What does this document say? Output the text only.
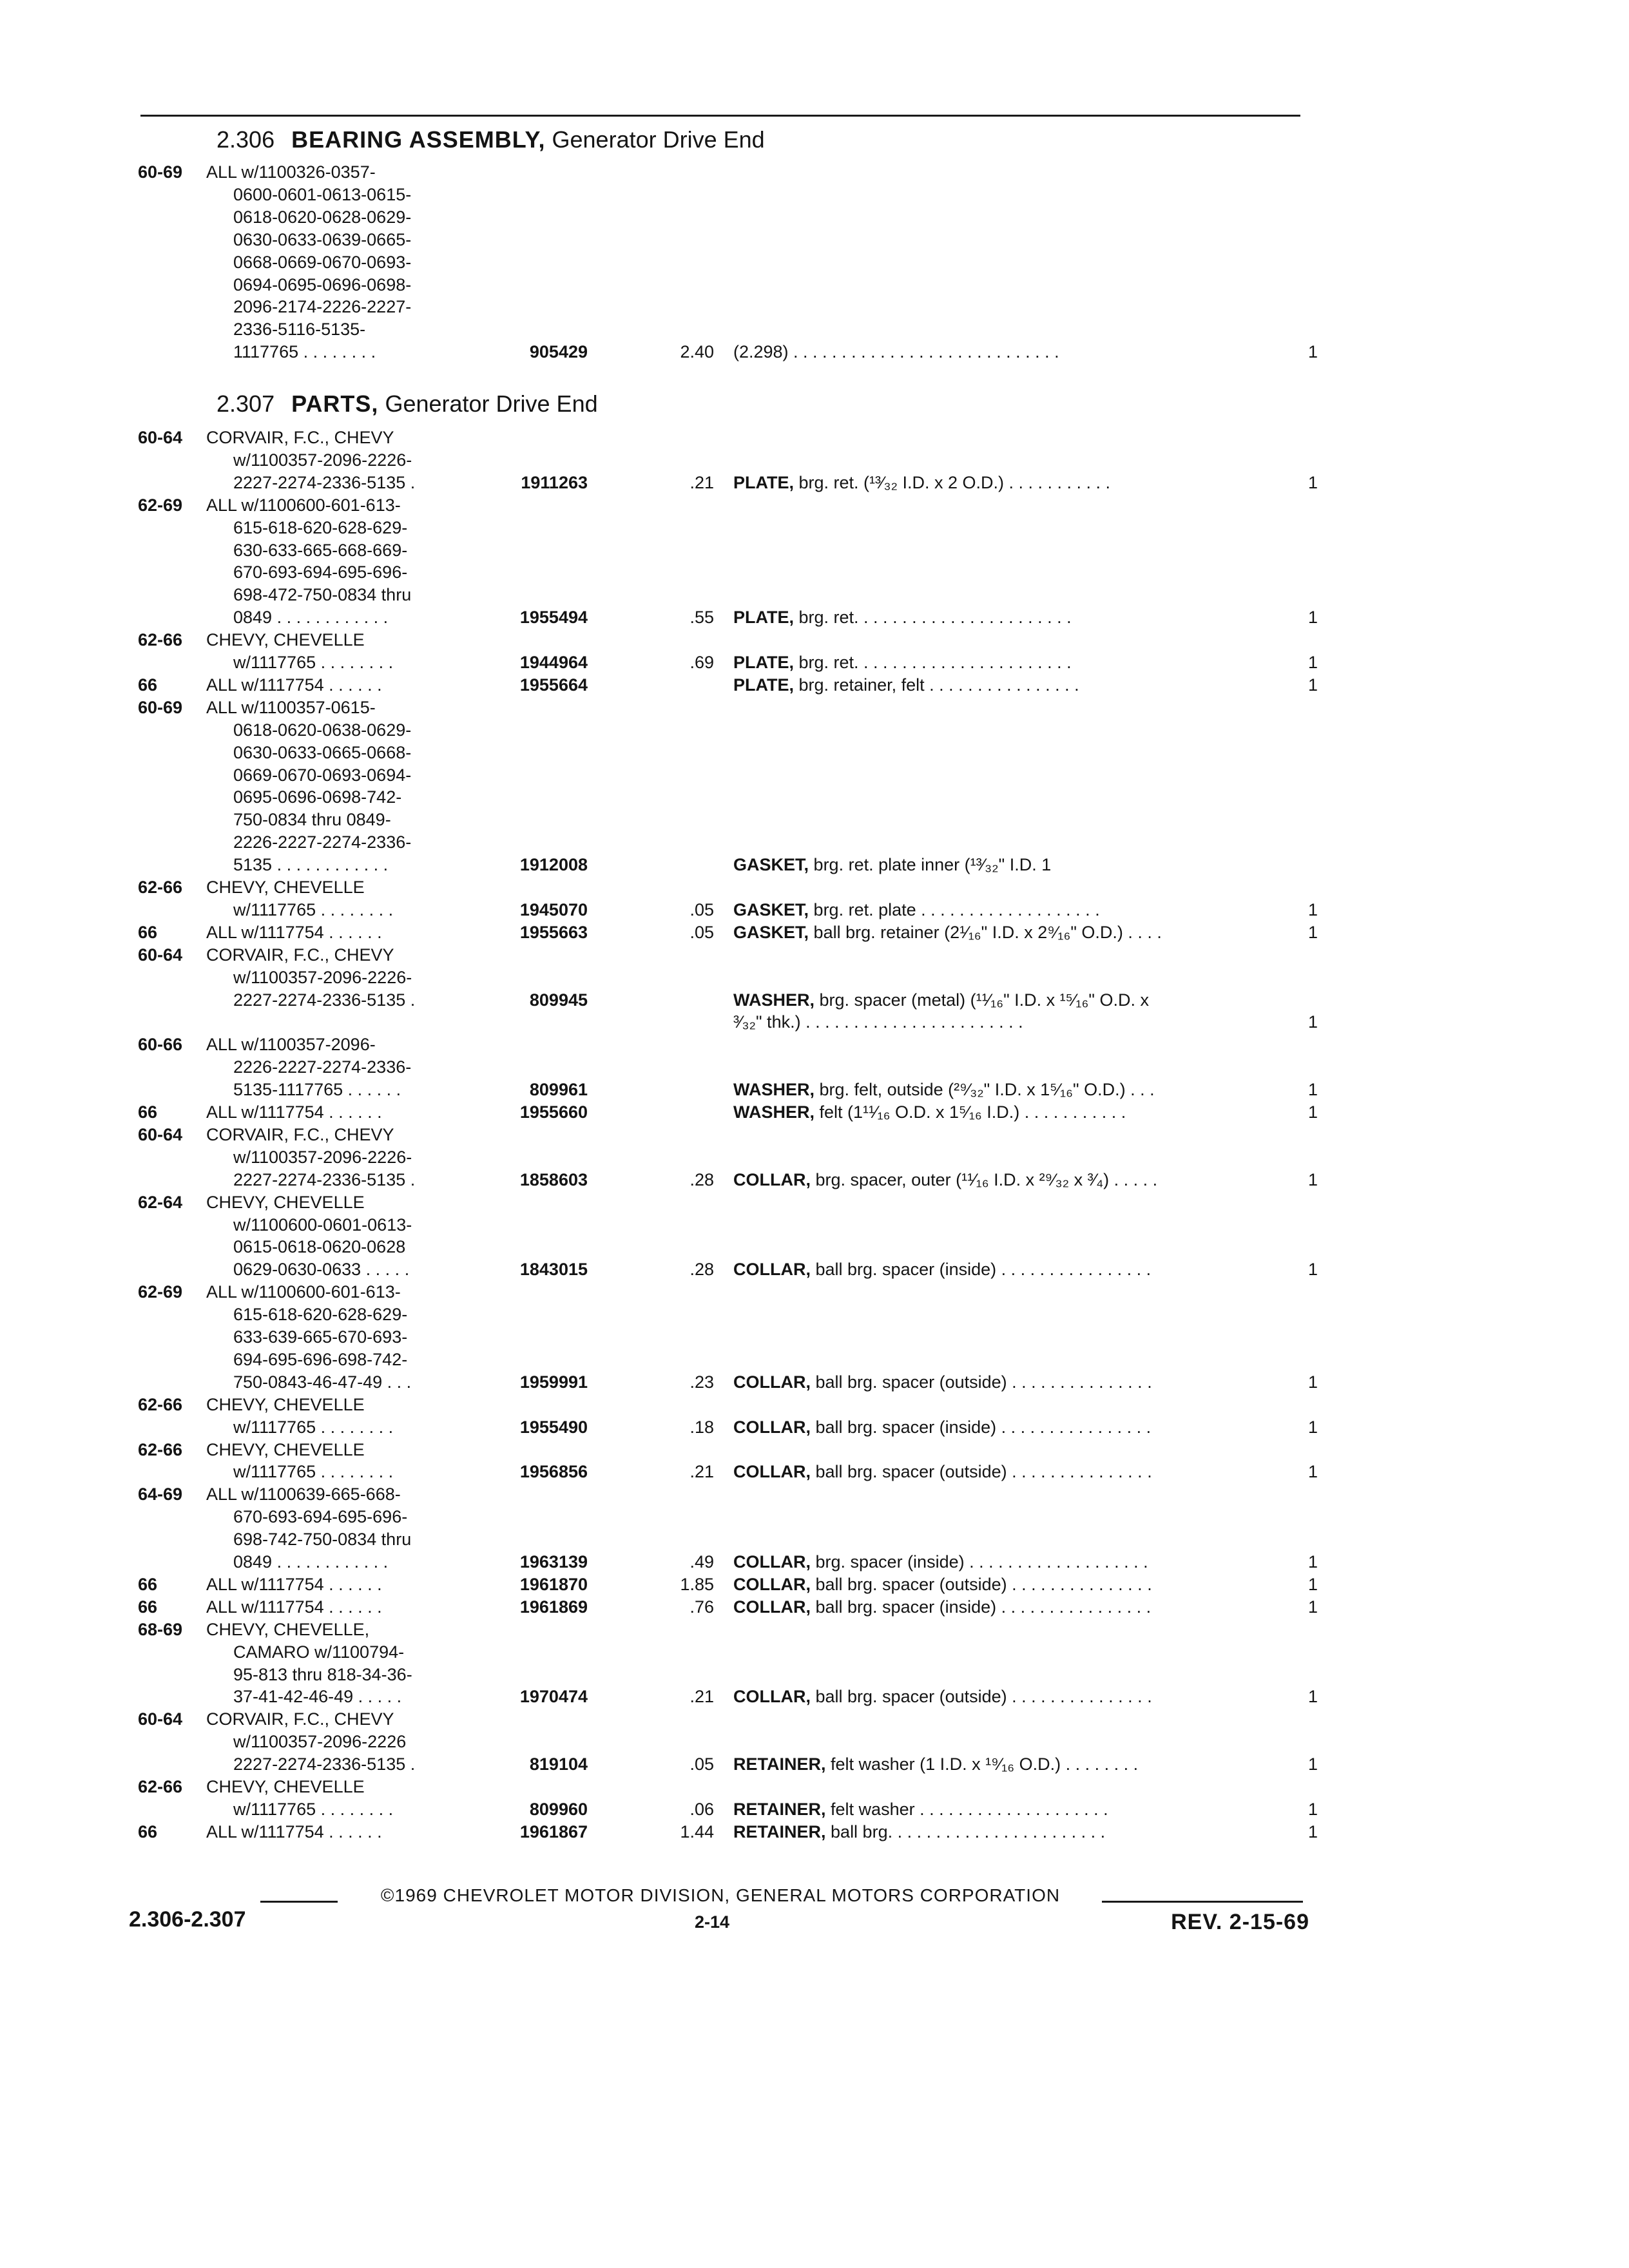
2.306 BEARING ASSEMBLY, Generator Drive End
60-69 ALL w/1100326-0357-
0600-0601-0613-0615-
0618-0620-0628-0629-
0630-0633-0639-0665-
0668-0669-0670-0693-
0694-0695-0696-0698-
2096-2174-2226-2227-
2336-5116-5135-
1117765 . . . . . . . .	905429	2.40 (2.298) . . . . . . . . . . . . . . . . . . . . . . . . . . . .	1
2.307 PARTS, Generator Drive End
60-64 CORVAIR, F.C., CHEVY
w/1100357-2096-2226-
2227-2274-2336-5135 .	1911263	.21 PLATE, brg. ret. (¹³⁄₃₂ I.D. x 2 O.D.) . . . . . . . . . . .	1
62-69 ALL w/1100600-601-613-
615-618-620-628-629-
630-633-665-668-669-
670-693-694-695-696-
698-472-750-0834 thru
0849 . . . . . . . . . . . .	1955494	.55 PLATE, brg. ret. . . . . . . . . . . . . . . . . . . . . . .	1
62-66 CHEVY, CHEVELLE
w/1117765 . . . . . . . .	1944964	.69 PLATE, brg. ret. . . . . . . . . . . . . . . . . . . . . . .	1
66	ALL w/1117754 . . . . . .	1955664	PLATE, brg. retainer, felt . . . . . . . . . . . . . . . .	1
60-69 ALL w/1100357-0615-
0618-0620-0638-0629-
0630-0633-0665-0668-
0669-0670-0693-0694-
0695-0696-0698-742-
750-0834 thru 0849-
2226-2227-2274-2336-
5135 . . . . . . . . . . . .	1912008	GASKET, brg. ret. plate inner (¹³⁄₃₂" I.D. 1
62-66 CHEVY, CHEVELLE
w/1117765 . . . . . . . .	1945070	.05 GASKET, brg. ret. plate . . . . . . . . . . . . . . . . . . .	1
66	ALL w/1117754 . . . . . .	1955663	.05 GASKET, ball brg. retainer (2¹⁄₁₆" I.D. x 2⁹⁄₁₆" O.D.) . . . .	1
60-64 CORVAIR, F.C., CHEVY
w/1100357-2096-2226-
2227-2274-2336-5135 .	809945	WASHER, brg. spacer (metal) (¹¹⁄₁₆" I.D. x ¹⁵⁄₁₆" O.D. x
³⁄₃₂" thk.) . . . . . . . . . . . . . . . . . . . . . . .	1
60-66 ALL w/1100357-2096-
2226-2227-2274-2336-
5135-1117765 . . . . . .	809961	WASHER, brg. felt, outside (²⁹⁄₃₂" I.D. x 1⁵⁄₁₆" O.D.) . . .	1
66	ALL w/1117754 . . . . . .	1955660	WASHER, felt (1¹¹⁄₁₆ O.D. x 1⁵⁄₁₆ I.D.) . . . . . . . . . . .	1
60-64 CORVAIR, F.C., CHEVY
w/1100357-2096-2226-
2227-2274-2336-5135 .	1858603	.28 COLLAR, brg. spacer, outer (¹¹⁄₁₆ I.D. x ²⁹⁄₃₂ x ³⁄₄) . . . . .	1
62-64 CHEVY, CHEVELLE
w/1100600-0601-0613-
0615-0618-0620-0628
0629-0630-0633 . . . . .	1843015	.28 COLLAR, ball brg. spacer (inside) . . . . . . . . . . . . . . . .	1
62-69 ALL w/1100600-601-613-
615-618-620-628-629-
633-639-665-670-693-
694-695-696-698-742-
750-0843-46-47-49 . . .	1959991	.23 COLLAR, ball brg. spacer (outside) . . . . . . . . . . . . . . .	1
62-66 CHEVY, CHEVELLE
w/1117765 . . . . . . . .	1955490	.18 COLLAR, ball brg. spacer (inside) . . . . . . . . . . . . . . . .	1
62-66 CHEVY, CHEVELLE
w/1117765 . . . . . . . .	1956856	.21 COLLAR, ball brg. spacer (outside) . . . . . . . . . . . . . . .	1
64-69 ALL w/1100639-665-668-
670-693-694-695-696-
698-742-750-0834 thru
0849 . . . . . . . . . . . .	1963139	.49 COLLAR, brg. spacer (inside) . . . . . . . . . . . . . . . . . . .	1
66	ALL w/1117754 . . . . . .	1961870	1.85 COLLAR, ball brg. spacer (outside) . . . . . . . . . . . . . . .	1
66	ALL w/1117754 . . . . . .	1961869	.76 COLLAR, ball brg. spacer (inside) . . . . . . . . . . . . . . . .	1
68-69 CHEVY, CHEVELLE,
CAMARO w/1100794-
95-813 thru 818-34-36-
37-41-42-46-49 . . . . .	1970474	.21 COLLAR, ball brg. spacer (outside) . . . . . . . . . . . . . . .	1
60-64 CORVAIR, F.C., CHEVY
w/1100357-2096-2226
2227-2274-2336-5135 .	819104	.05 RETAINER, felt washer (1 I.D. x ¹⁹⁄₁₆ O.D.) . . . . . . . .	1
62-66 CHEVY, CHEVELLE
w/1117765 . . . . . . . .	809960	.06 RETAINER, felt washer . . . . . . . . . . . . . . . . . . . .	1
66	ALL w/1117754 . . . . . .	1961867	1.44 RETAINER, ball brg. . . . . . . . . . . . . . . . . . . . . . .	1
©1969 CHEVROLET MOTOR DIVISION, GENERAL MOTORS CORPORATION
2.306-2.307	2-14	REV. 2-15-69
